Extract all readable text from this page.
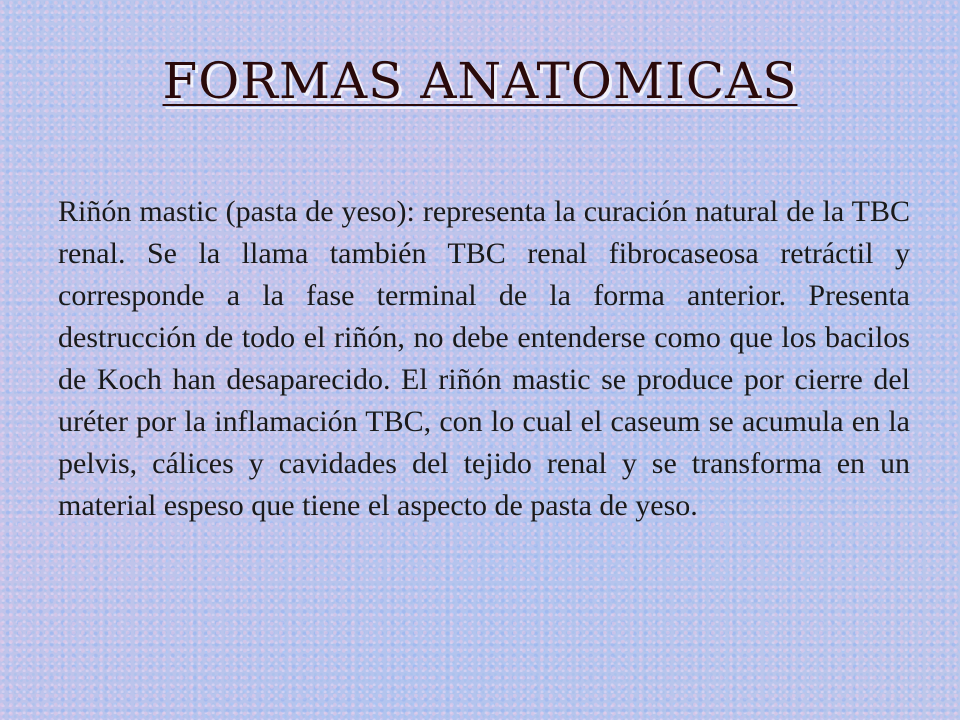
FORMAS ANATOMICAS

Riñón mastic (pasta de yeso): representa la curación natural de la TBC renal. Se la llama también TBC renal fibrocaseosa retráctil y corresponde a la fase terminal de la forma anterior. Presenta destrucción de todo el riñón, no debe entenderse como que los bacilos de Koch han desaparecido. El riñón mastic se produce por cierre del uréter por la inflamación TBC, con lo cual el caseum se acumula en la pelvis, cálices y cavidades del tejido renal y se transforma en un material espeso que tiene el aspecto de pasta de yeso.
